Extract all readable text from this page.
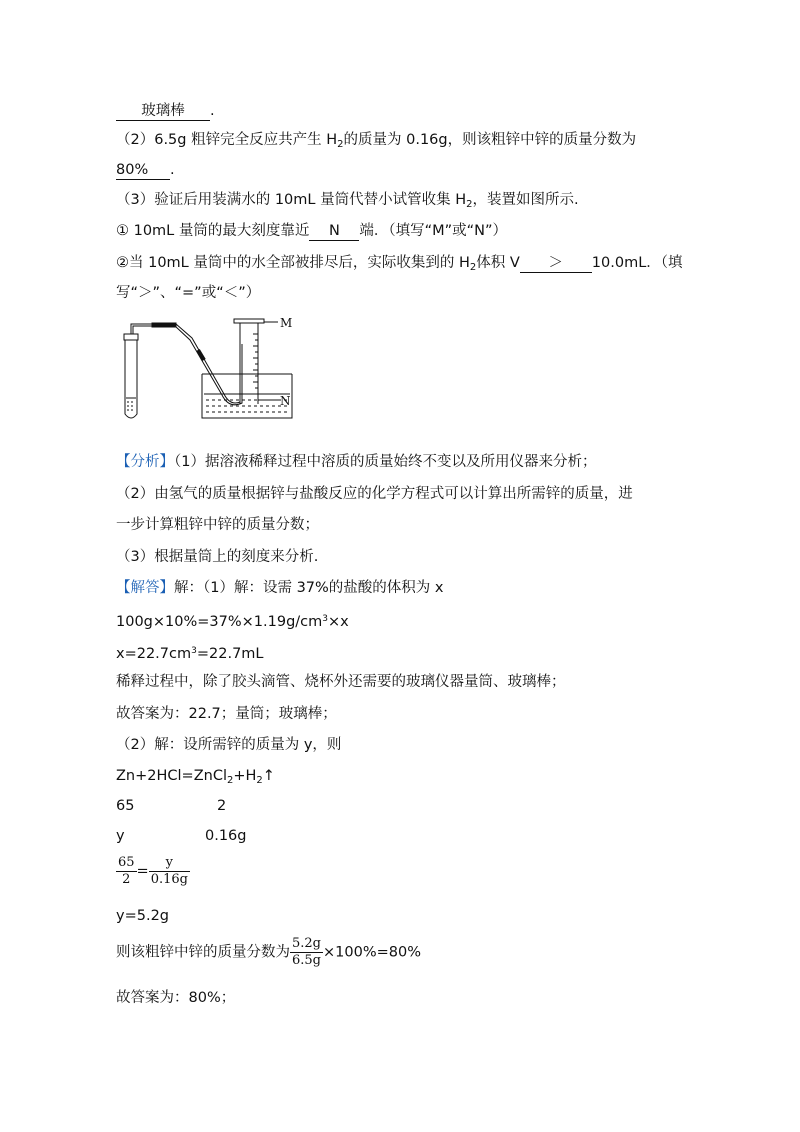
玻璃棒 .
（2）6.5g 粗锌完全反应共产生 $H_2$的质量为 0.16g，则该粗锌中锌的质量分数为
80% .
（3）验证后用装满水的 10mL 量筒代替小试管收集 $H_2$，装置如图所示.
① 10mL 量筒的最大刻度靠近 N 端．（填写“M”或“N”）
②当 10mL 量筒中的水全部被排尽后，实际收集到的 $H_2$体积 V ＞ 10.0mL．（填
写“＞”、“=”或“＜”）
M
N
【分析】（1）据溶液稀释过程中溶质的质量始终不变以及所用仪器来分析；
（2）由氢气的质量根据锌与盐酸反应的化学方程式可以计算出所需锌的质量，进
一步计算粗锌中锌的质量分数；
（3）根据量筒上的刻度来分析.
【解答】解：（1）解：设需 37%的盐酸的体积为 x
$100g\times 10\%=37\%\times 1.19g/cm^3\times x$
$x=22.7cm^3=22.7mL$
稀释过程中，除了胶头滴管、烧杯外还需要的玻璃仪器量筒、玻璃棒；
故答案为：22.7；量筒；玻璃棒；
（2）解：设所需锌的质量为 y，则
$Zn+2HCl=ZnCl_2+H_2↑$
65	2
y	0.16g
$\frac{65}{2} = \frac{y}{0.16g}$
y=5.2g
则该粗锌中锌的质量分数为 $\frac{5.2g}{6.5g} \times 100\%=80\%$
故答案为：80%；
